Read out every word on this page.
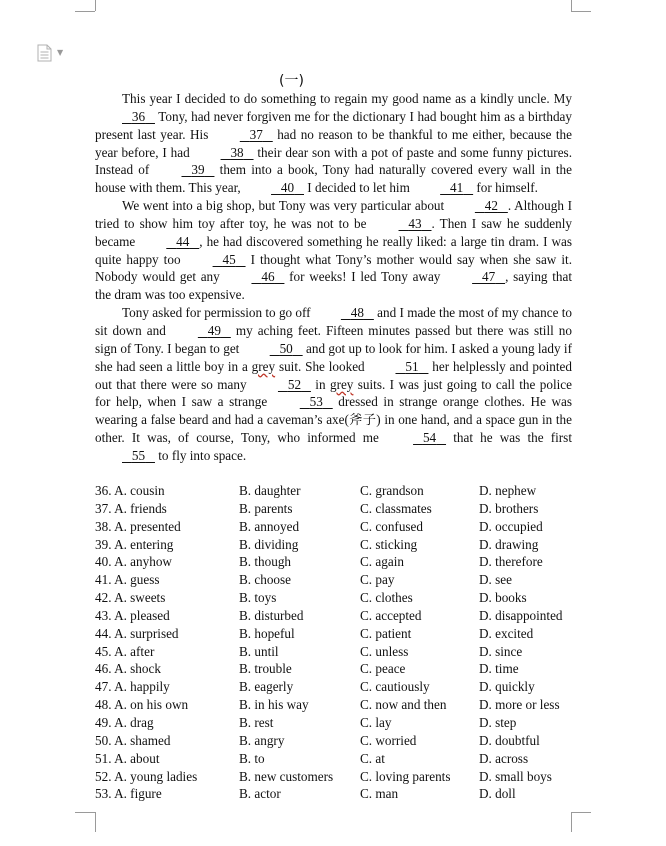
▼
(一)

This year I decided to do something to regain my good name as a kindly uncle. My    36    Tony, had never forgiven me for the dictionary I had bought him as a birthday present last year. His	37    had no reason to be thankful to me either, because the year before, I had	38    their dear son with a pot of paste and some funny pictures. Instead of	39    them into a book, Tony had naturally covered every wall in the house with them. This year,	40    I decided to let him	41    for himself.

We went into a big shop, but Tony was very particular about	42 . Although I tried to show him toy after toy, he was not to be	43 . Then I saw he suddenly became	44 , he had discovered something he really liked: a large tin dram. I was quite happy too	45    I thought what Tony’s mother would say when she saw it. Nobody would get any	46    for weeks! I led Tony away	47 , saying that the dram was too expensive.

Tony asked for permission to go off	48    and I made the most of my chance to sit down and	49    my aching feet. Fifteen minutes passed but there was still no sign of Tony. I began to get	50    and got up to look for him. I asked a young lady if she had seen a little boy in a grey suit. She looked	51    her helplessly and pointed out that there were so many	52    in grey suits. I was just going to call the police for help, when I saw a strange	53    dressed in strange orange clothes. He was wearing a false beard and had a caveman’s axe(斧子) in one hand, and a space gun in the other. It was, of course, Tony, who informed me	54    that he was the first    55    to fly into space.

36. A. cousin	B. daughter	C. grandson	D. nephew
37. A. friends	B. parents	C. classmates	D. brothers
38. A. presented	B. annoyed	C. confused	D. occupied
39. A. entering	B. dividing	C. sticking	D. drawing
40. A. anyhow	B. though	C. again	D. therefore
41. A. guess	B. choose	C. pay	D. see
42. A. sweets	B. toys	C. clothes	D. books
43. A. pleased	B. disturbed	C. accepted	D. disappointed
44. A. surprised	B. hopeful	C. patient	D. excited
45. A. after	B. until	C. unless	D. since
46. A. shock	B. trouble	C. peace	D. time
47. A. happily	B. eagerly	C. cautiously	D. quickly
48. A. on his own	B. in his way	C. now and then D. more or less
49. A. drag	B. rest	C. lay	D. step
50. A. shamed	B. angry	C. worried	D. doubtful
51. A. about	B. to	C. at	D. across
52. A. young ladies	B. new customers C. loving parents D. small boys
53. A. figure	B. actor	C. man	D. doll
